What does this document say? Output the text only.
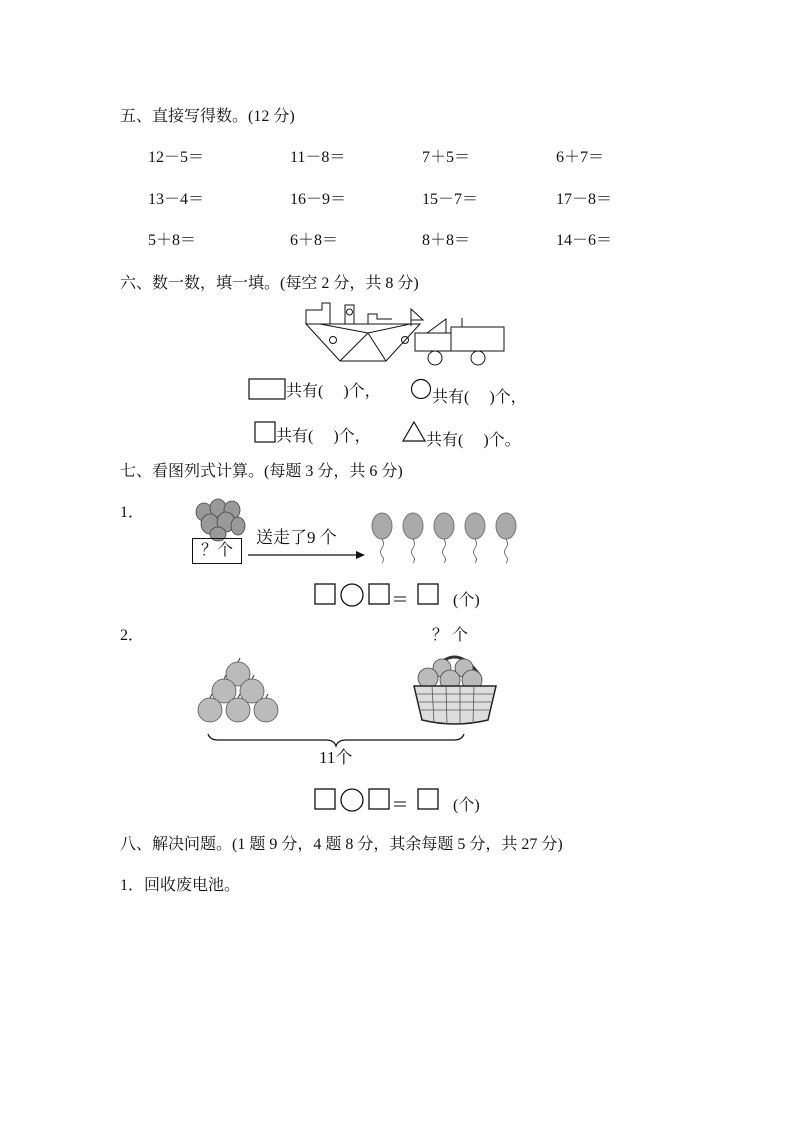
五、直接写得数。(12 分)
12－5＝	11－8＝	7＋5＝	6＋7＝
13－4＝	16－9＝	15－7＝	17－8＝
5＋8＝	6＋8＝	8＋8＝	14－6＝
六、数一数，填一填。(每空 2 分，共 8 分)
共有(　 )个，	共有(　 )个，
共有(　 )个，	共有(　 )个。
七、看图列式计算。(每题 3 分，共 6 分)
1．
？个
送走了9 个
(个)
2．	？ 个
11个
(个)
八、解决问题。(1 题 9 分，4 题 8 分，其余每题 5 分，共 27 分)
1．回收废电池。
